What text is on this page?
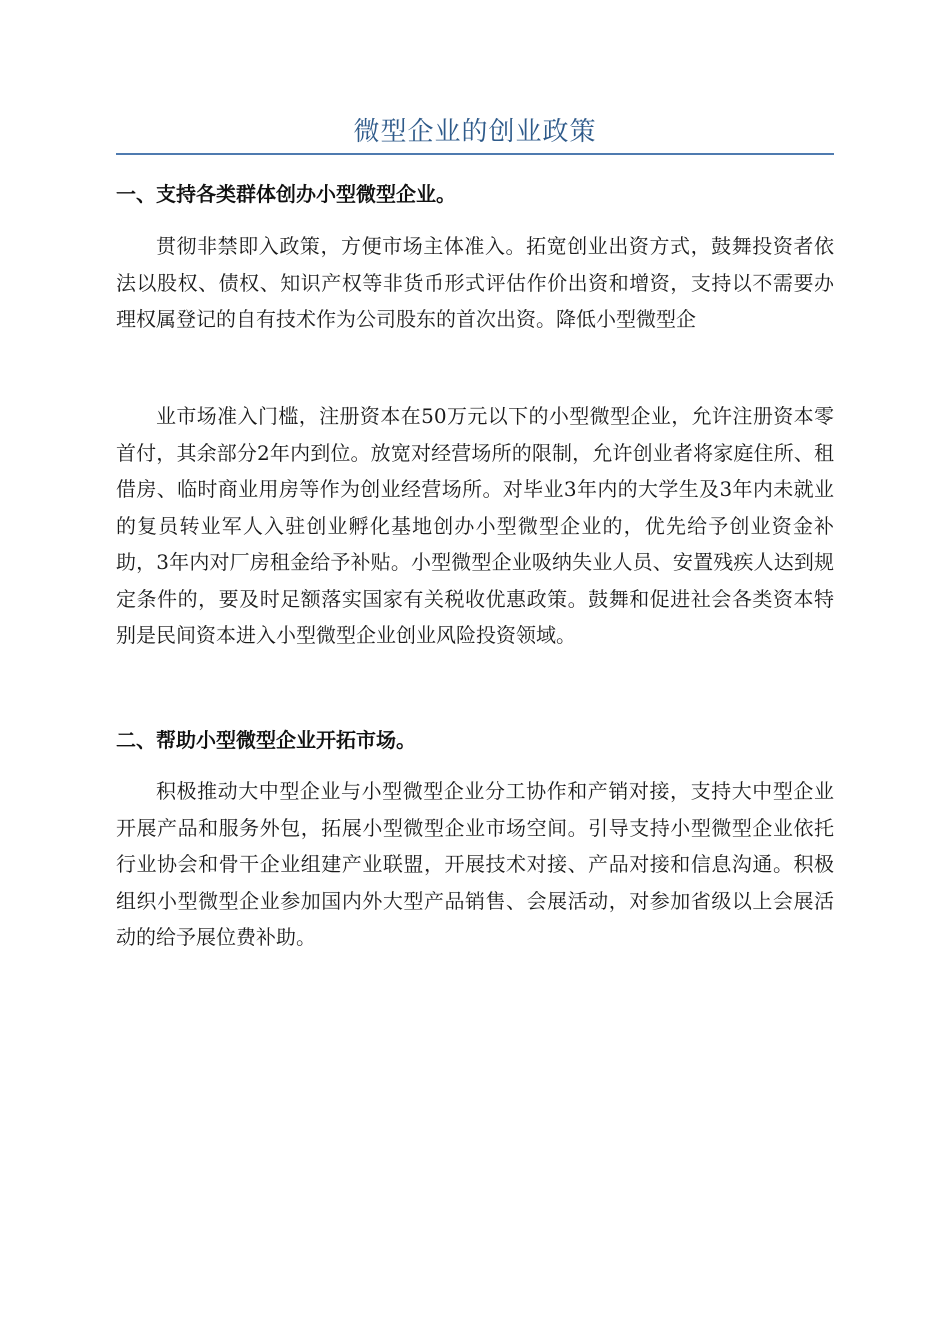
微型企业的创业政策
一、支持各类群体创办小型微型企业。
贯彻非禁即入政策，方便市场主体准入。拓宽创业出资方式，鼓舞投资者依法以股权、债权、知识产权等非货币形式评估作价出资和增资，支持以不需要办理权属登记的自有技术作为公司股东的首次出资。降低小型微型企
业市场准入门槛，注册资本在50万元以下的小型微型企业，允许注册资本零首付，其余部分2年内到位。放宽对经营场所的限制，允许创业者将家庭住所、租借房、临时商业用房等作为创业经营场所。对毕业3年内的大学生及3年内未就业的复员转业军人入驻创业孵化基地创办小型微型企业的，优先给予创业资金补助，3年内对厂房租金给予补贴。小型微型企业吸纳失业人员、安置残疾人达到规定条件的，要及时足额落实国家有关税收优惠政策。鼓舞和促进社会各类资本特别是民间资本进入小型微型企业创业风险投资领域。
二、帮助小型微型企业开拓市场。
积极推动大中型企业与小型微型企业分工协作和产销对接，支持大中型企业开展产品和服务外包，拓展小型微型企业市场空间。引导支持小型微型企业依托行业协会和骨干企业组建产业联盟，开展技术对接、产品对接和信息沟通。积极组织小型微型企业参加国内外大型产品销售、会展活动，对参加省级以上会展活动的给予展位费补助。
